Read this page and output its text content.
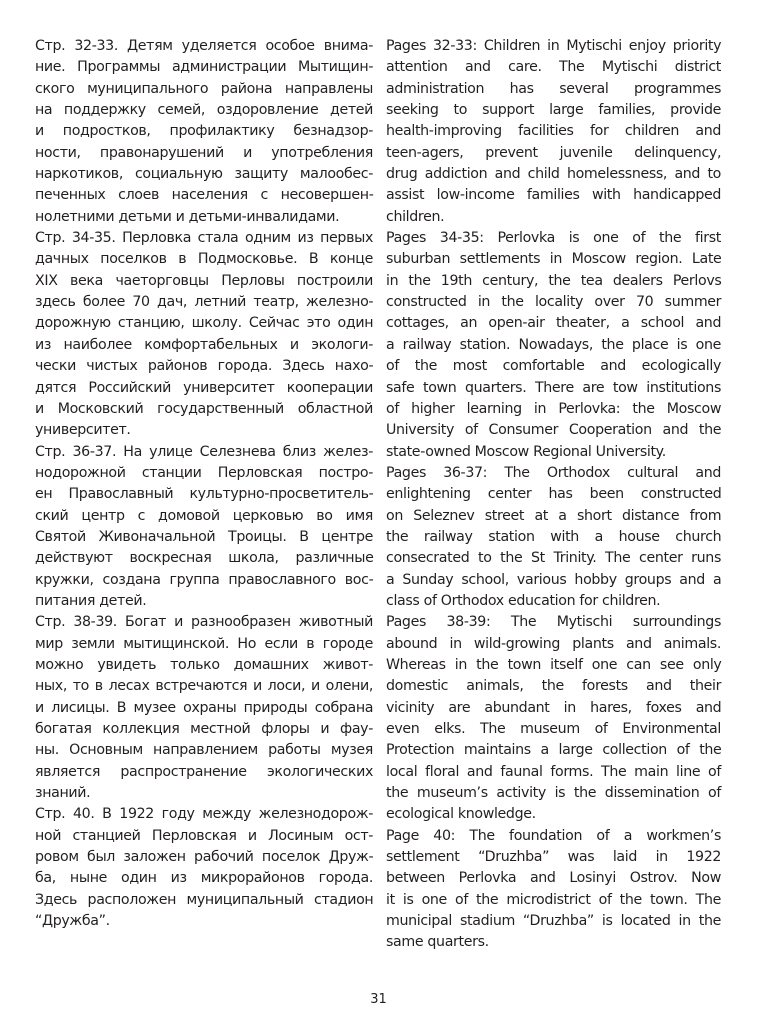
Стр. 32-33. Детям уделяется особое внима-
ние. Программы администрации Мытищин-
ского муниципального района направлены
на поддержку семей, оздоровление детей
и подростков, профилактику безнадзор-
ности, правонарушений и употребления
наркотиков, социальную защиту малообес-
печенных слоев населения с несовершен-
нолетними детьми и детьми-инвалидами.
Стр. 34-35. Перловка стала одним из первых
дачных поселков в Подмосковье. В конце
XIX века чаеторговцы Перловы построили
здесь более 70 дач, летний театр, железно-
дорожную станцию, школу. Сейчас это один
из наиболее комфортабельных и экологи-
чески чистых районов города. Здесь нахо-
дятся Российский университет кооперации
и Московский государственный областной
университет.
Стр. 36-37. На улице Селезнева близ желез-
нодорожной станции Перловская постро-
ен Православный культурно-просветитель-
ский центр с домовой церковью во имя
Святой Живоначальной Троицы. В центре
действуют воскресная школа, различные
кружки, создана группа православного вос-
питания детей.
Стр. 38-39. Богат и разнообразен животный
мир земли мытищинской. Но если в городе
можно увидеть только домашних живот-
ных, то в лесах встречаются и лоси, и олени,
и лисицы. В музее охраны природы собрана
богатая коллекция местной флоры и фау-
ны. Основным направлением работы музея
является распространение экологических
знаний.
Стр. 40. В 1922 году между железнодорож-
ной станцией Перловская и Лосиным ост-
ровом был заложен рабочий поселок Друж-
ба, ныне один из микрорайонов города.
Здесь расположен муниципальный стадион
“Дружба”.
Pages 32-33: Children in Mytischi enjoy priority
attention and care. The Mytischi district
administration has several programmes
seeking to support large families, provide
health-improving facilities for children and
teen-agers, prevent juvenile delinquency,
drug addiction and child homelessness, and to
assist low-income families with handicapped
children.
Pages 34-35: Perlovka is one of the first
suburban settlements in Moscow region. Late
in the 19th century, the tea dealers Perlovs
constructed in the locality over 70 summer
cottages, an open-air theater, a school and
a railway station. Nowadays, the place is one
of the most comfortable and ecologically
safe town quarters. There are tow institutions
of higher learning in Perlovka: the Moscow
University of Consumer Cooperation and the
state-owned Moscow Regional University.
Pages 36-37: The Orthodox cultural and
enlightening center has been constructed
on Seleznev street at a short distance from
the railway station with a house church
consecrated to the St Trinity. The center runs
a Sunday school, various hobby groups and a
class of Orthodox education for children.
Pages 38-39: The Mytischi surroundings
abound in wild-growing plants and animals.
Whereas in the town itself one can see only
domestic animals, the forests and their
vicinity are abundant in hares, foxes and
even elks. The museum of Environmental
Protection maintains a large collection of the
local floral and faunal forms. The main line of
the museum’s activity is the dissemination of
ecological knowledge.
Page 40: The foundation of a workmen’s
settlement “Druzhba” was laid in 1922
between Perlovka and Losinyi Ostrov. Now
it is one of the microdistrict of the town. The
municipal stadium “Druzhba” is located in the
same quarters.
31
